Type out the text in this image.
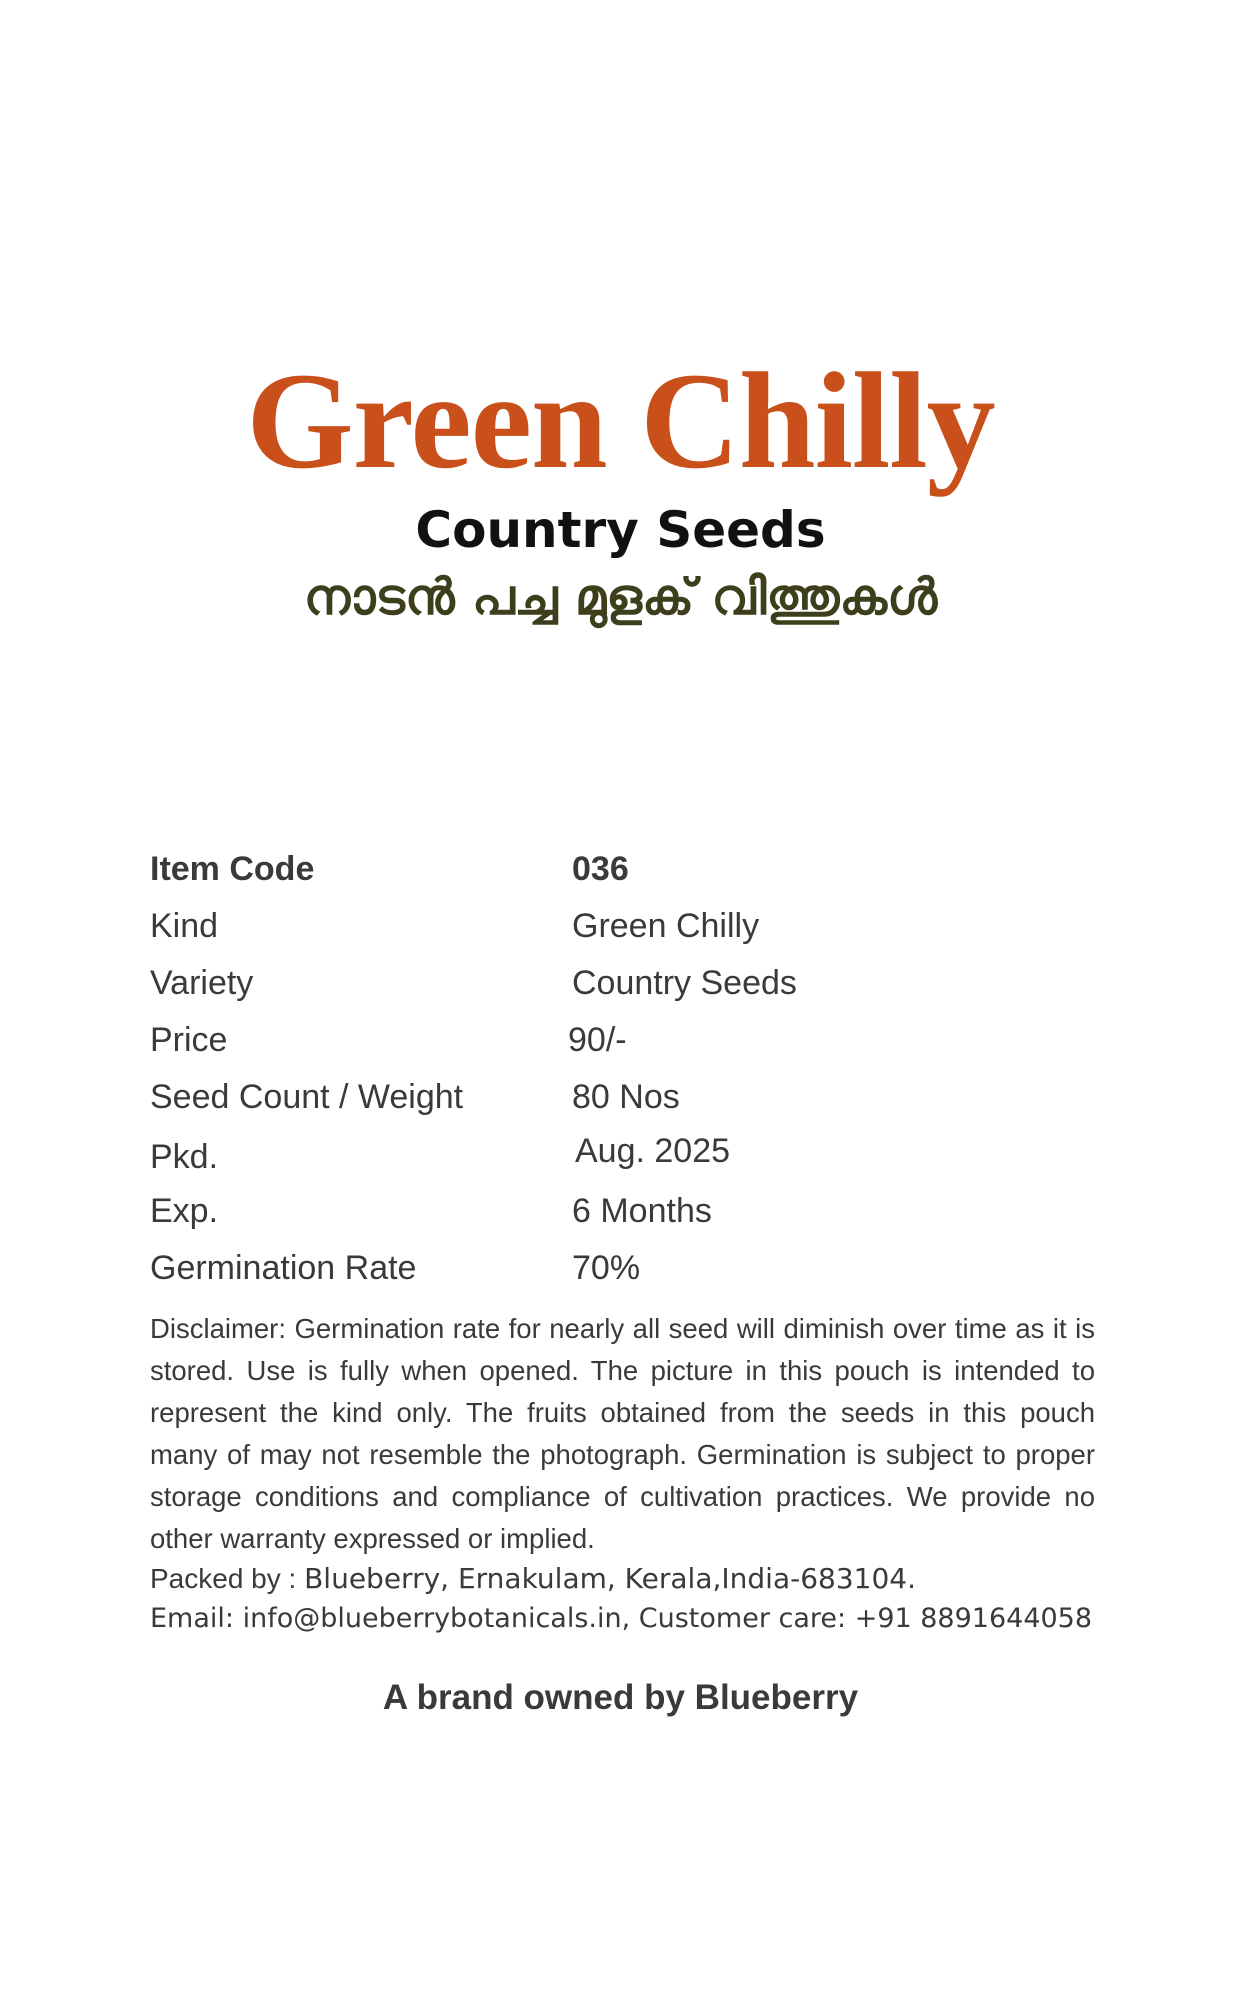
Green Chilly
Country Seeds
നാടൻ പച്ച മുളക് വിത്തുകൾ
Item Code	036
Kind	Green Chilly
Variety	Country Seeds
Price	90/-
Seed Count / Weight	80 Nos
Pkd.	Aug. 2025
Exp.	6 Months
Germination Rate	70%
Disclaimer: Germination rate for nearly all seed will diminish over time as it is stored. Use is fully when opened. The picture in this pouch is intended to represent the kind only. The fruits obtained from the seeds in this pouch many of may not resemble the photograph. Germination is subject to proper storage conditions and compliance of cultivation practices. We provide no other warranty expressed or implied.
Packed by : Blueberry, Ernakulam, Kerala,India-683104.
Email: info@blueberrybotanicals.in, Customer care: +91 8891644058
A brand owned by Blueberry
